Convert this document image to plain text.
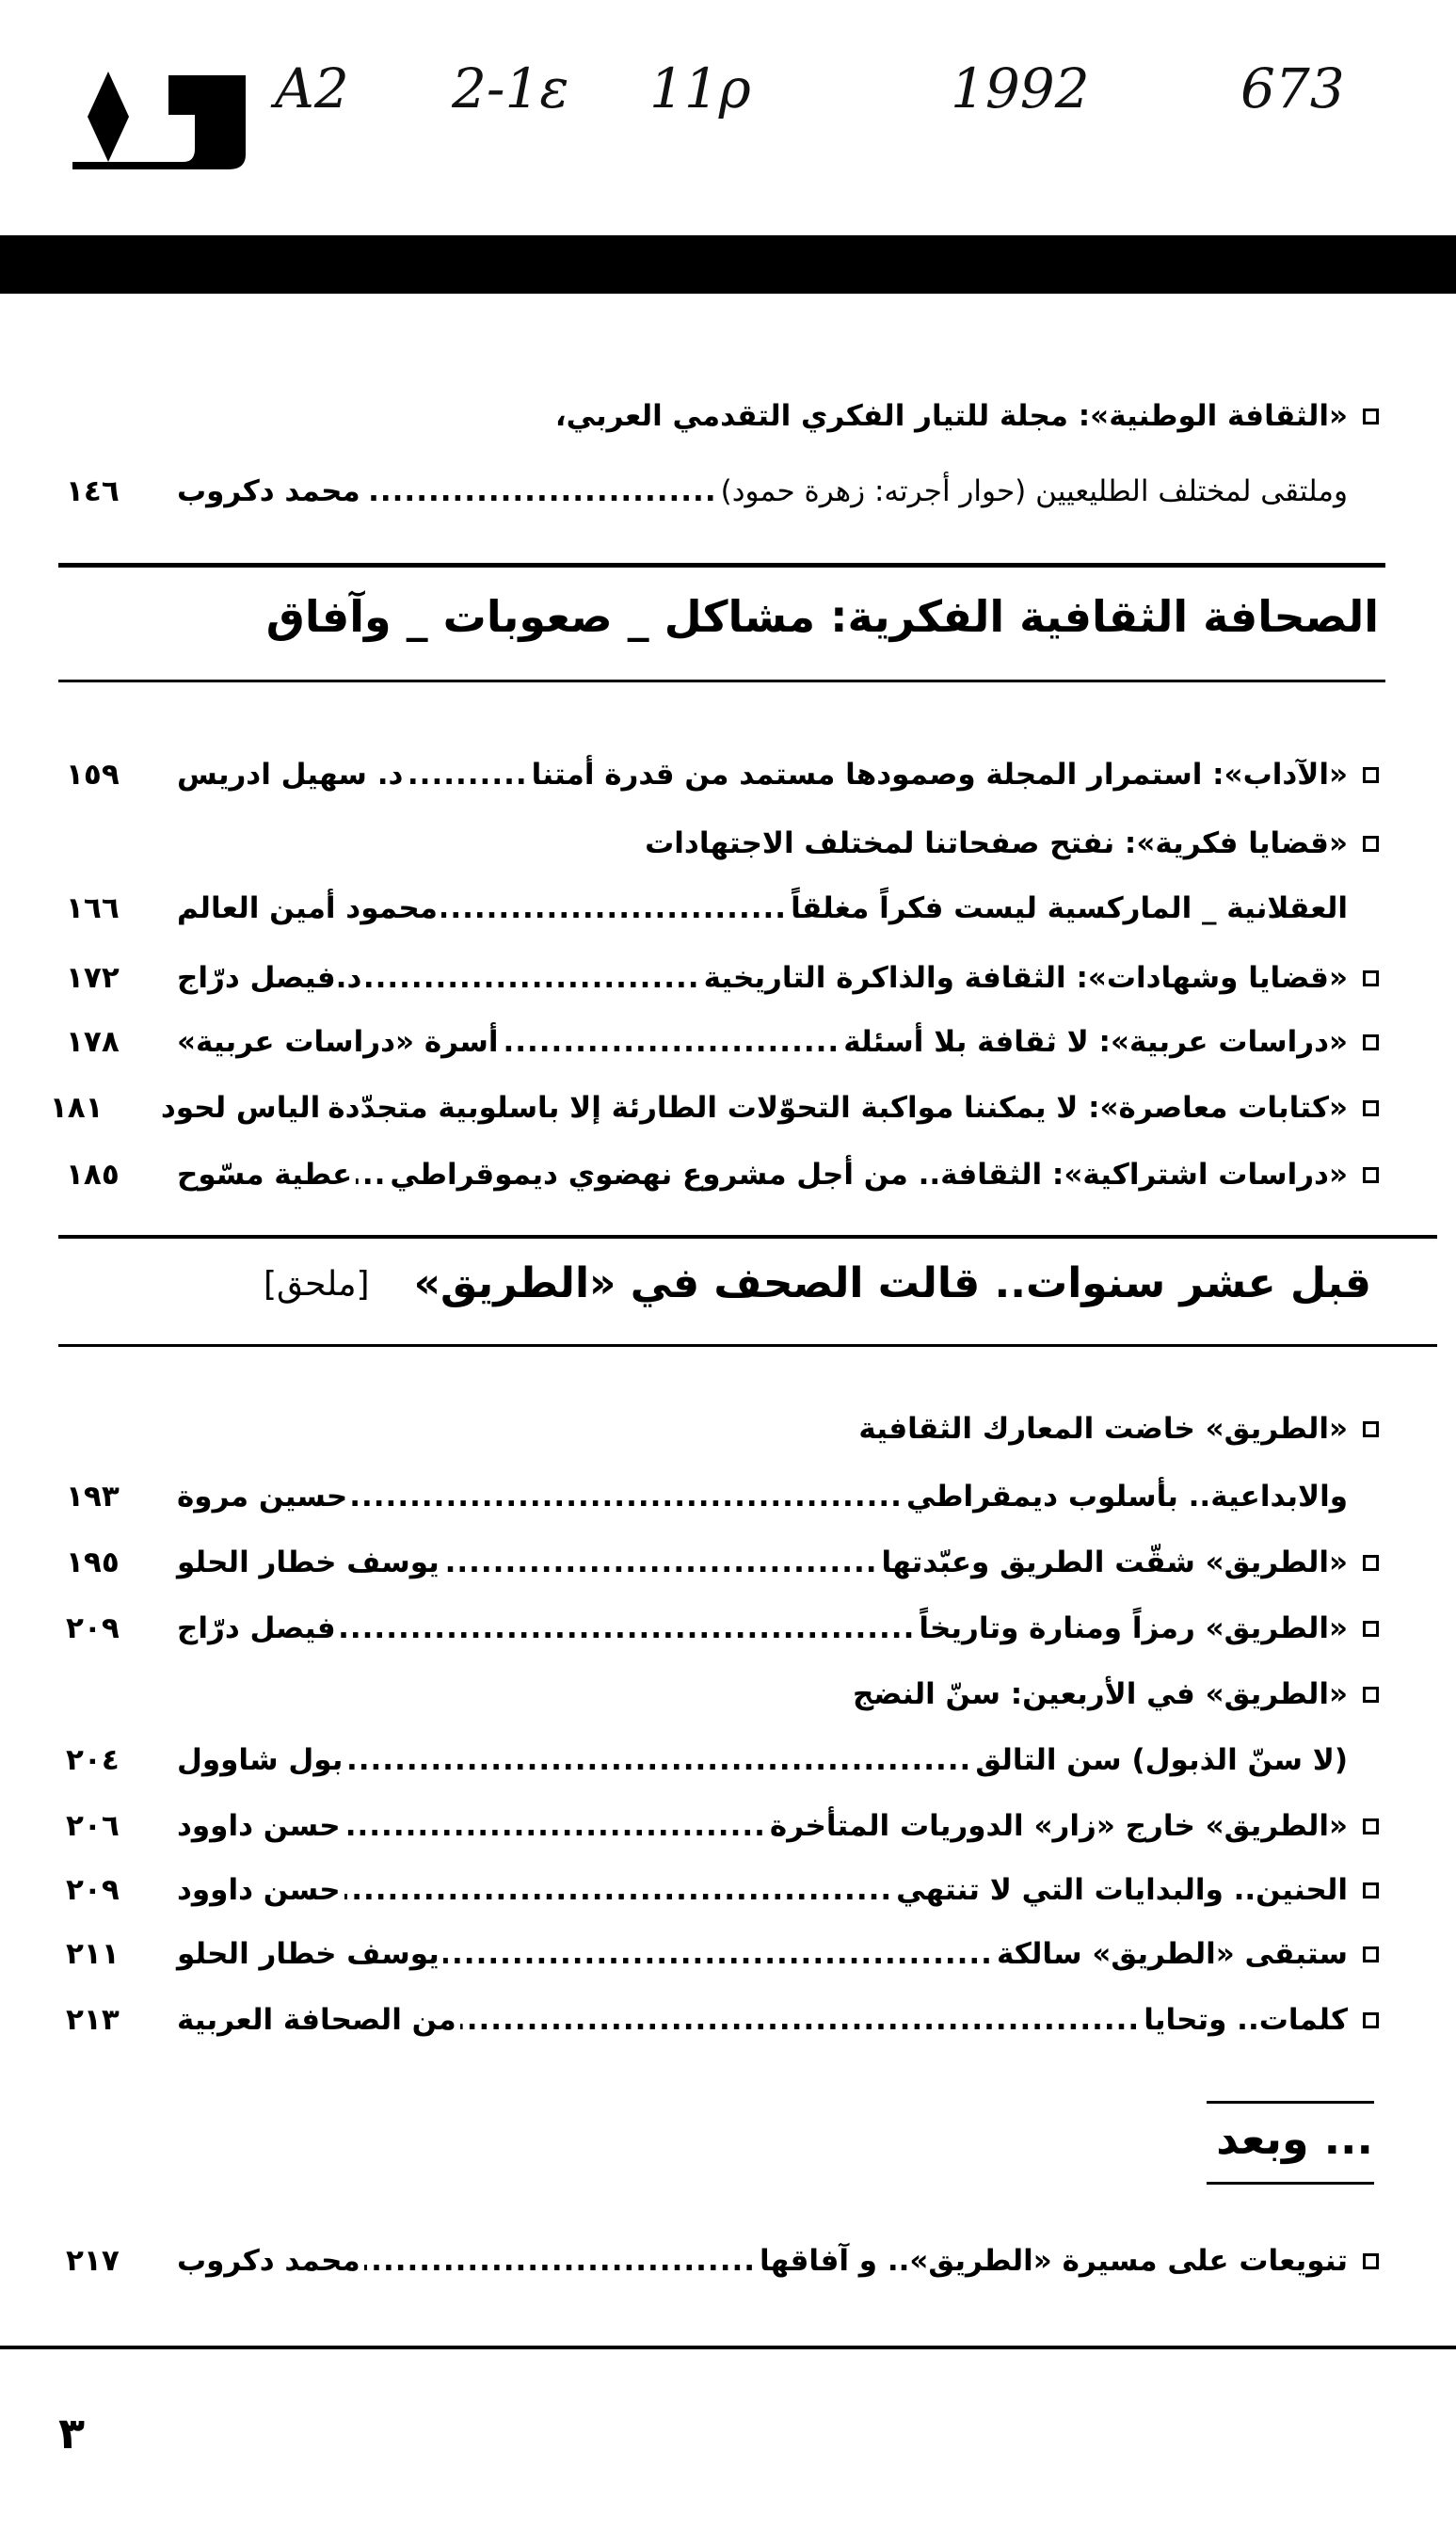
A2 2-1ε 11ρ	1992	673
«الثقافة الوطنية»: مجلة للتيار الفكري التقدمي العربي،
وملتقى لمختلف الطليعيين (حوار أجرته: زهرة حمود)
.....
محمد دكروب
١٤٦
الصحافة الثقافية الفكرية: مشاكل _ صعوبات _ وآفاق
«الآداب»: استمرار المجلة وصمودها مستمد من قدرة أمتنا
.....
د. سهيل ادريس
١٥٩
«قضايا فكرية»: نفتح صفحاتنا لمختلف الاجتهادات
العقلانية _ الماركسية ليست فكراً مغلقاً
.....
محمود أمين العالم
١٦٦
«قضايا وشهادات»: الثقافة والذاكرة التاريخية
.....
د.فيصل درّاج
١٧٢
«دراسات عربية»: لا ثقافة بلا أسئلة
.....
أسرة «دراسات عربية»
١٧٨
«كتابات معاصرة»: لا يمكننا مواكبة التحوّلات الطارئة إلا باسلوبية متجدّدة
الياس لحود
١٨١
«دراسات اشتراكية»: الثقافة.. من أجل مشروع نهضوي ديموقراطي
.....
عطية مسّوح
١٨٥
قبل عشر سنوات.. قالت الصحف في «الطريق»
[ملحق]
«الطريق» خاضت المعارك الثقافية
والابداعية.. بأسلوب ديمقراطي
.....
حسين مروة
١٩٣
«الطريق» شقّت الطريق وعبّدتها
.....
يوسف خطار الحلو
١٩٥
«الطريق» رمزاً ومنارة وتاريخاً
.....
فيصل درّاج
٢٠٩
«الطريق» في الأربعين: سنّ النضج
(لا سنّ الذبول) سن التالق
.....
بول شاوول
٢٠٤
«الطريق» خارج «زار» الدوريات المتأخرة
.....
حسن داوود
٢٠٦
الحنين.. والبدايات التي لا تنتهي
.....
حسن داوود
٢٠٩
ستبقى «الطريق» سالكة
.....
يوسف خطار الحلو
٢١١
كلمات.. وتحايا
.....
من الصحافة العربية
٢١٣
... وبعد
تنويعات على مسيرة «الطريق».. و آفاقها
.....
محمد دكروب
٢١٧
٣
